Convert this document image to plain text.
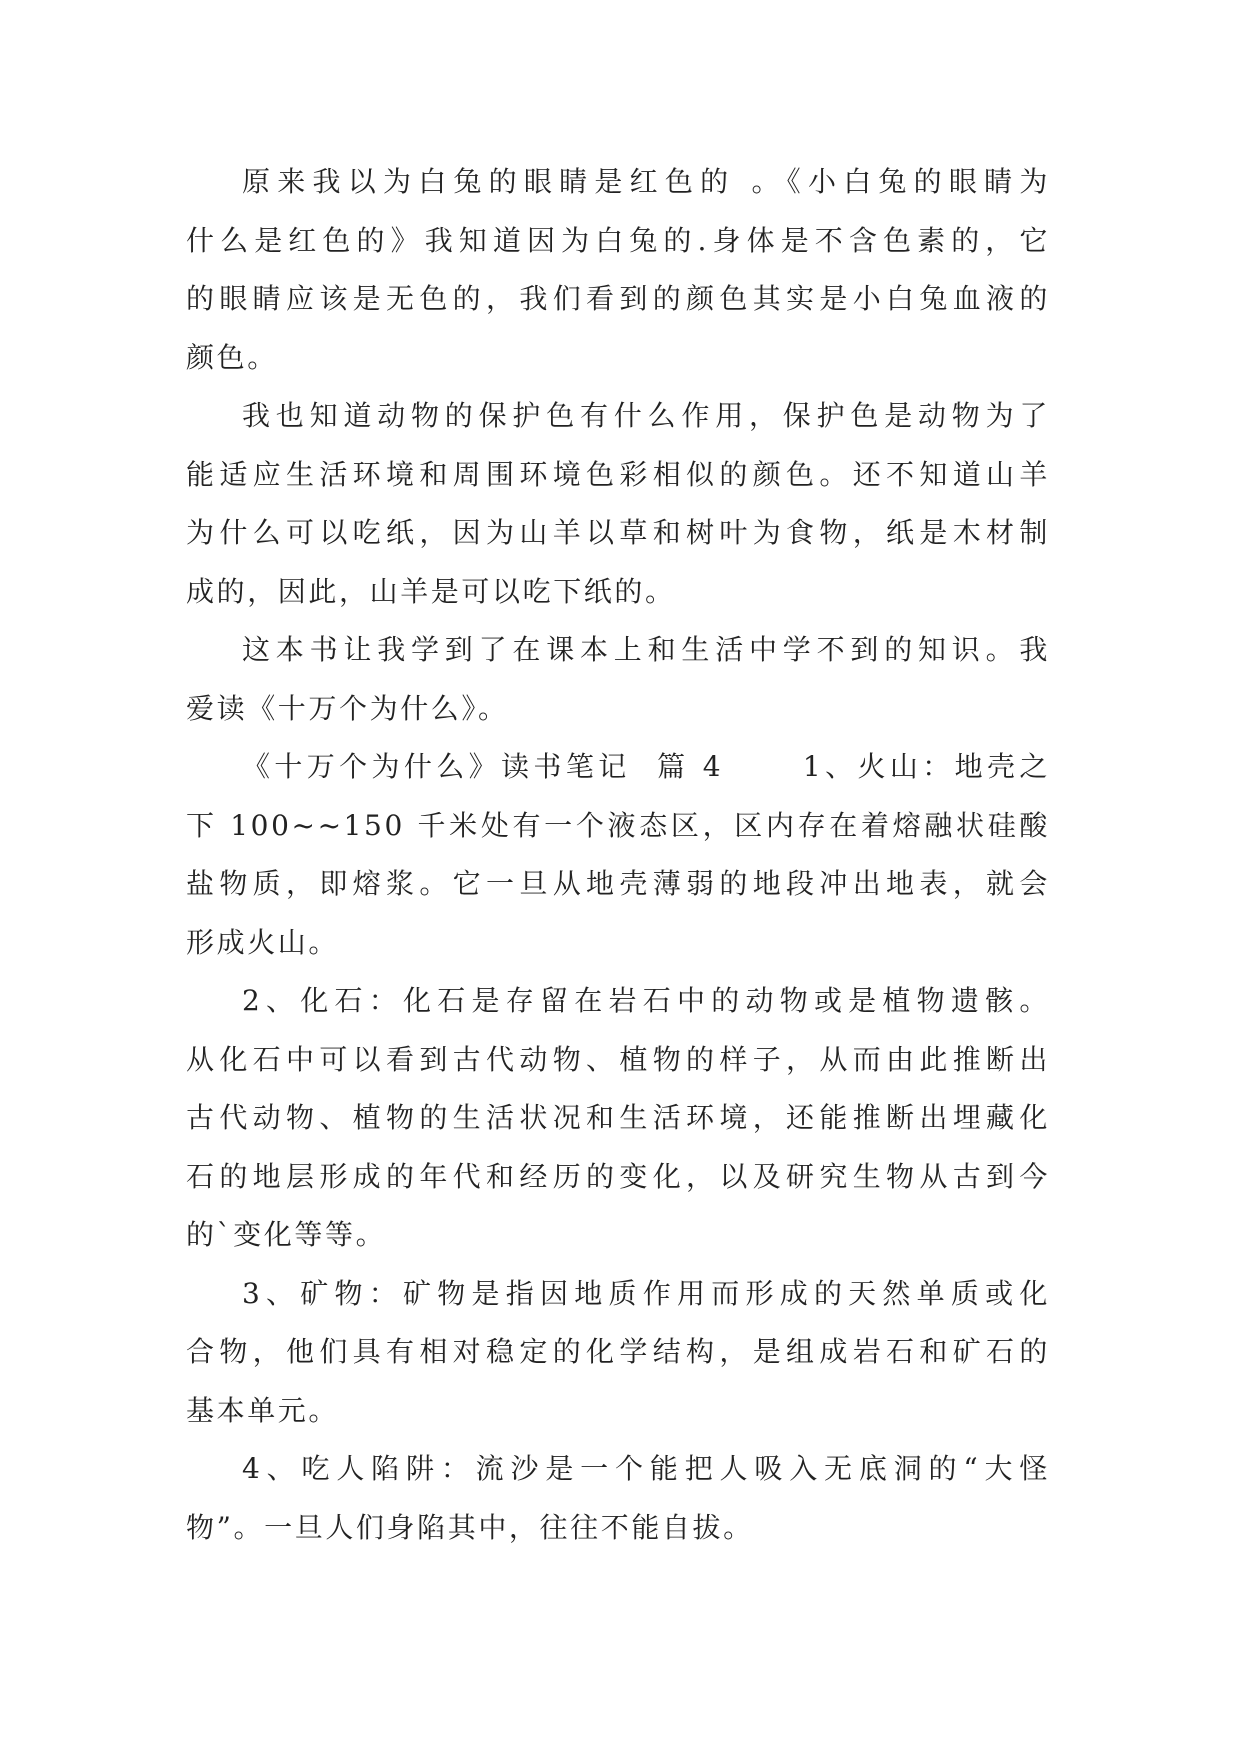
原来我以为白兔的眼睛是红色的 。《小白兔的眼睛为
什么是红色的》我知道因为白兔的.身体是不含色素的，它
的眼睛应该是无色的，我们看到的颜色其实是小白兔血液的
颜色。

我也知道动物的保护色有什么作用，保护色是动物为了
能适应生活环境和周围环境色彩相似的颜色。还不知道山羊
为什么可以吃纸，因为山羊以草和树叶为食物，纸是木材制
成的，因此，山羊是可以吃下纸的。

这本书让我学到了在课本上和生活中学不到的知识。我
爱读《十万个为什么》。

《十万个为什么》读书笔记  篇 4      1、火山：地壳之
下 100~~150 千米处有一个液态区，区内存在着熔融状硅酸
盐物质，即熔浆。它一旦从地壳薄弱的地段冲出地表，就会
形成火山。

2、化石：化石是存留在岩石中的动物或是植物遗骸。
从化石中可以看到古代动物、植物的样子，从而由此推断出
古代动物、植物的生活状况和生活环境，还能推断出埋藏化
石的地层形成的年代和经历的变化，以及研究生物从古到今
的`变化等等。

3、矿物：矿物是指因地质作用而形成的天然单质或化
合物，他们具有相对稳定的化学结构，是组成岩石和矿石的
基本单元。

4、吃人陷阱：流沙是一个能把人吸入无底洞的“大怪
物”。一旦人们身陷其中，往往不能自拔。
